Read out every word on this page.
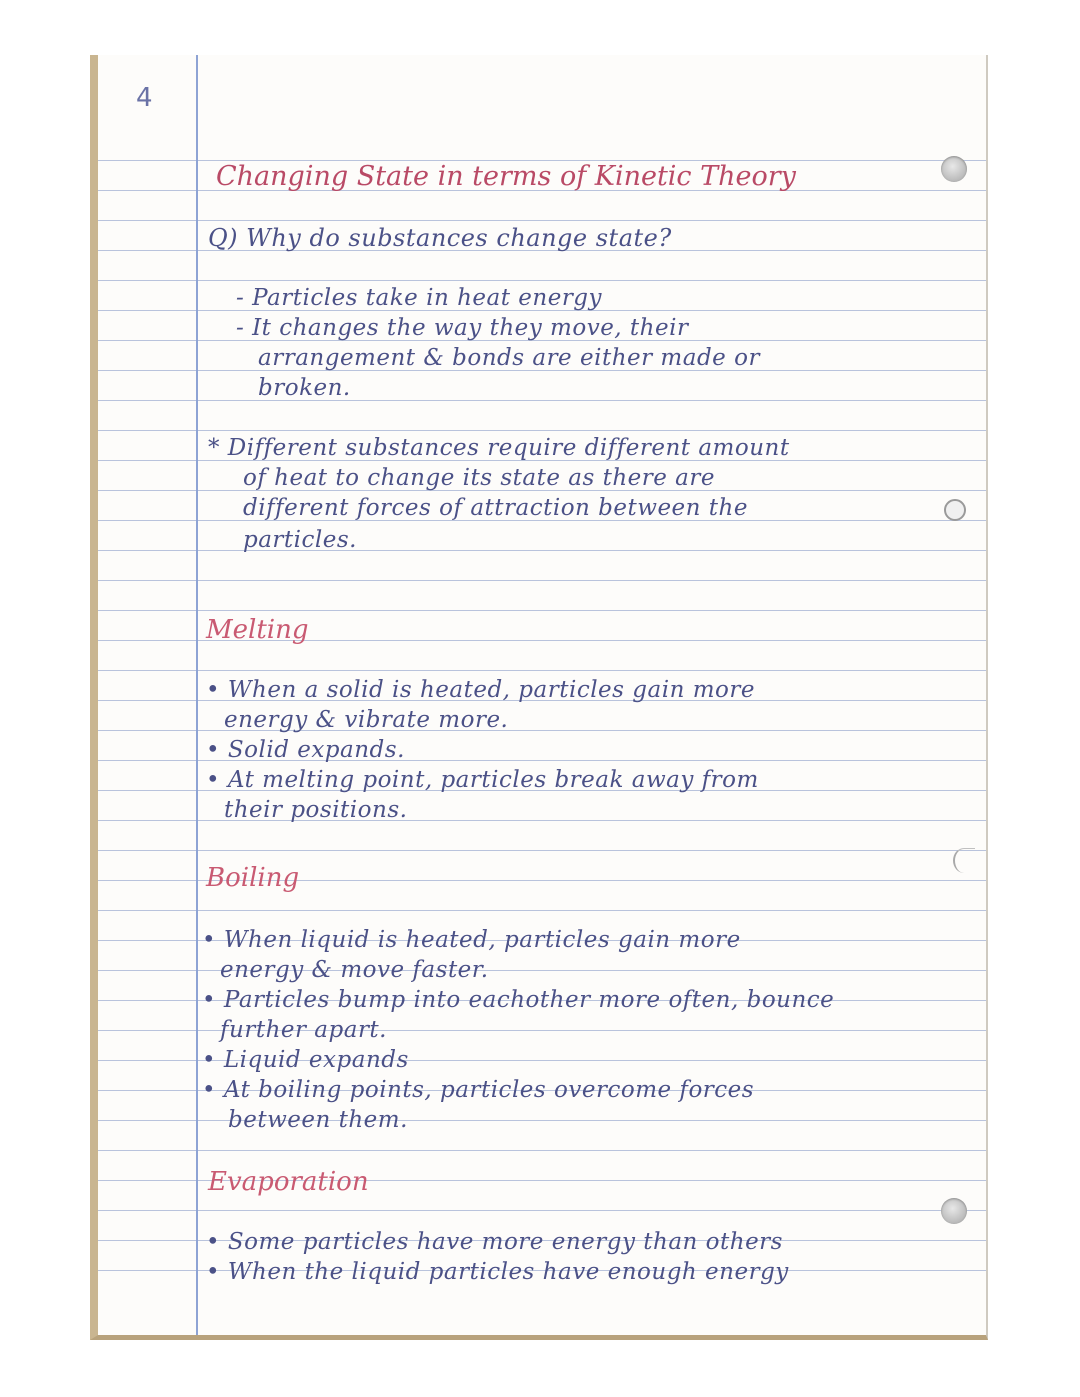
4
Changing State in terms of Kinetic Theory
Q) Why do substances change state?
- Particles take in heat energy
- It changes the way they move, their
arrangement & bonds are either made or
broken.
* Different substances require different amount
of heat to change its state as there are
different forces of attraction between the
particles.
Melting
• When a solid is heated, particles gain more
energy & vibrate more.
• Solid expands.
• At melting point, particles break away from
their positions.
Boiling
• When liquid is heated, particles gain more
energy & move faster.
• Particles bump into eachother more often, bounce
further apart.
• Liquid expands
• At boiling points, particles overcome forces
between them.
Evaporation
• Some particles have more energy than others
• When the liquid particles have enough energy
